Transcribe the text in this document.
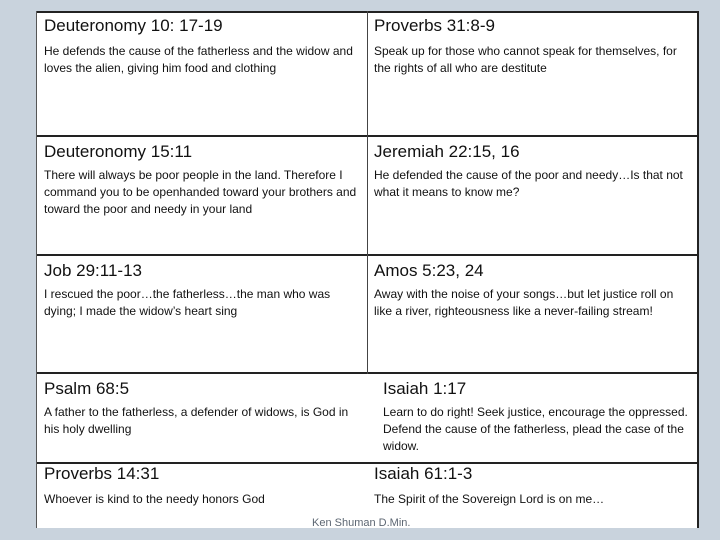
Deuteronomy 10: 17-19
He defends the cause of the fatherless and the widow and loves the alien, giving him food and clothing
Proverbs 31:8-9
Speak up for those who cannot speak for themselves, for the rights of all who are destitute
Deuteronomy 15:11
There will always be poor people in the land. Therefore I command you to be openhanded toward your brothers and toward the poor and needy in your land
Jeremiah 22:15, 16
He defended the cause of the poor and needy…Is that not what it means to know me?
Job 29:11-13
I rescued the poor…the fatherless…the man who was dying; I made the widow’s heart sing
Amos 5:23, 24
Away with the noise of your songs…but let justice roll on like a river, righteousness like a never-failing stream!
Psalm 68:5
A father to the fatherless, a defender of widows, is God in his holy dwelling
Isaiah 1:17
Learn to do right! Seek justice, encourage the oppressed. Defend the cause of the fatherless, plead the case of the widow.
Proverbs 14:31
Whoever is kind to the needy honors God
Isaiah 61:1-3
The Spirit of the Sovereign Lord is on me…
Ken Shuman D.Min.
